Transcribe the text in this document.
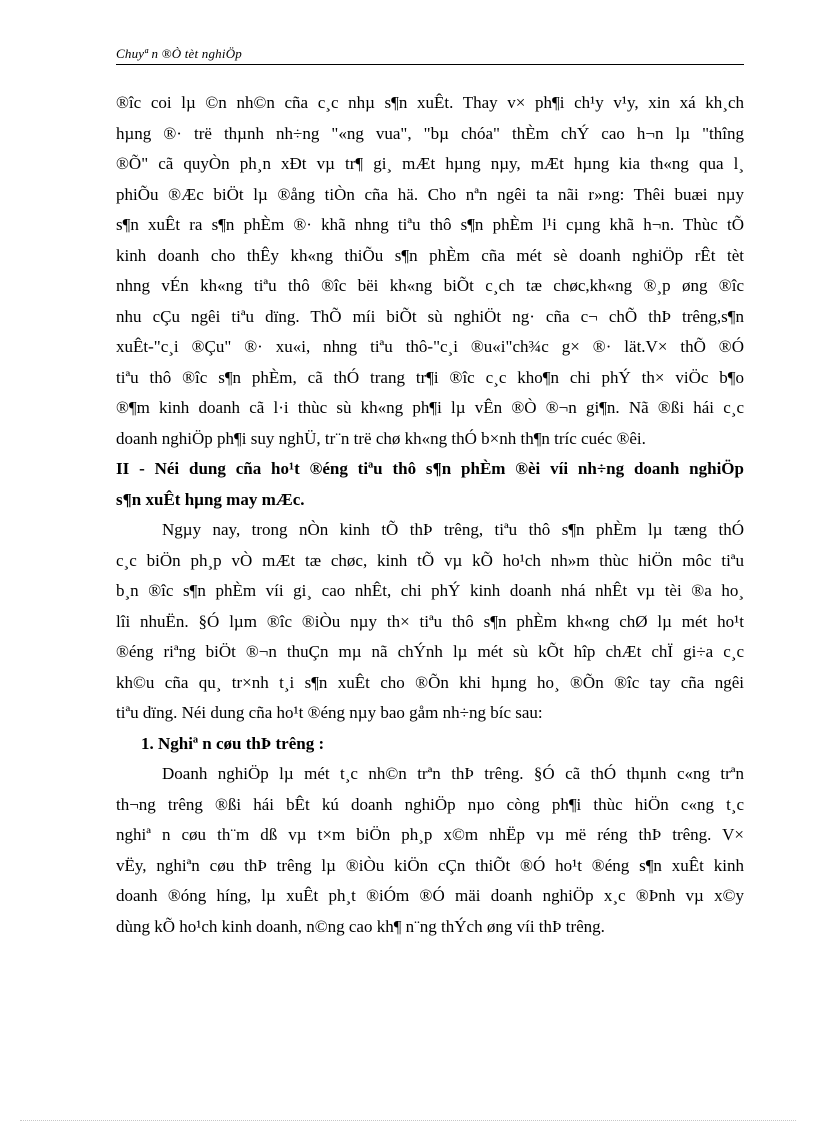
Chuyª n ®Ò tèt nghiÖp
®îc coi lµ ©n nh©n cña c¸c nhµ s¶n xuÊt. Thay v× ph¶i ch¹y v¹y, xin xá kh¸ch
hµng ®· trë thµnh nh÷ng "«ng vua", "bµ chóa" thÈm chÝ cao h¬n lµ "thîng
®Õ" cã quyÒn ph¸n xÐt vµ tr¶ gi¸ mÆt hµng nµy, mÆt hµng kia th«ng qua l¸
phiÕu ®Æc biÖt lµ ®ång tiÒn cña hä. Cho nªn ngêi ta nãi r»ng: Thêi buæi nµy
s¶n xuÊt ra s¶n phÈm ®· khã nhng tiªu thô s¶n phÈm l¹i cµng khã h¬n. Thùc tÕ
kinh doanh cho thÊy kh«ng thiÕu s¶n phÈm cña mét sè doanh nghiÖp rÊt tèt
nhng vÉn kh«ng tiªu thô ®îc bëi kh«ng biÕt c¸ch tæ chøc,kh«ng ®¸p øng ®îc
nhu cÇu ngêi tiªu dïng. ThÕ míi biÕt sù nghiÖt ng· cña c¬ chÕ thÞ trêng,s¶n
xuÊt-"c¸i ®Çu" ®· xu«i, nhng tiªu thô-"c¸i ®u«i"ch¾c g× ®· lät.V× thÕ ®Ó
tiªu thô ®îc s¶n phÈm, cã thÓ trang tr¶i ®îc c¸c kho¶n chi phÝ th× viÖc b¶o
®¶m kinh doanh cã l·i thùc sù kh«ng ph¶i lµ vÊn ®Ò ®¬n gi¶n. Nã ®ßi hái c¸c
doanh nghiÖp ph¶i suy nghÜ, tr¨n trë chø kh«ng thÓ b×nh th¶n tríc cuéc ®êi.
II - Néi dung cña ho¹t ®éng tiªu thô s¶n phÈm ®èi víi nh÷ng doanh nghiÖp
s¶n xuÊt hµng may mÆc.
Ngµy nay, trong nÒn kinh tÕ thÞ trêng, tiªu thô s¶n phÈm lµ tæng thÓ
c¸c biÖn ph¸p vÒ mÆt tæ chøc, kinh tÕ vµ kÕ ho¹ch nh»m thùc hiÖn môc tiªu
b¸n ®îc s¶n phÈm víi gi¸ cao nhÊt, chi phÝ kinh doanh nhá nhÊt vµ tèi ®a ho¸
lîi nhuËn. §Ó lµm ®îc ®iÒu nµy th× tiªu thô s¶n phÈm kh«ng chØ lµ mét ho¹t
®éng riªng biÖt ®¬n thuÇn mµ nã chÝnh lµ mét sù kÕt hîp chÆt chÏ gi÷a c¸c
kh©u cña qu¸ tr×nh t¸i s¶n xuÊt cho ®Õn khi hµng ho¸ ®Õn ®îc tay cña ngêi
tiªu dïng. Néi dung cña ho¹t ®éng nµy bao gåm nh÷ng bíc sau:
1. Nghiª n cøu thÞ trêng :
Doanh nghiÖp lµ mét t¸c nh©n trªn thÞ trêng. §Ó cã thÓ thµnh c«ng trªn
th¬ng trêng ®ßi hái bÊt kú doanh nghiÖp nµo còng ph¶i thùc hiÖn c«ng t¸c
nghiª n cøu th¨m dß vµ t×m biÖn ph¸p x©m nhËp vµ më réng thÞ trêng. V×
vËy, nghiªn cøu thÞ trêng lµ ®iÒu kiÖn cÇn thiÕt ®Ó ho¹t ®éng s¶n xuÊt kinh
doanh ®óng híng, lµ xuÊt ph¸t ®iÓm ®Ó mäi doanh nghiÖp x¸c ®Þnh vµ x©y
dùng kÕ ho¹ch kinh doanh, n©ng cao kh¶ n¨ng thÝch øng víi thÞ trêng.
